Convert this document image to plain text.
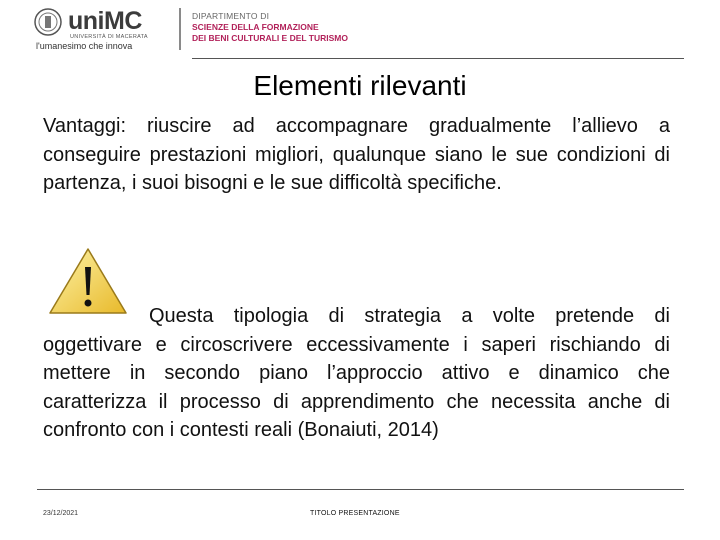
uniMC
UNIVERSITÀ DI MACERATA
l'umanesimo che innova
DIPARTIMENTO DI
SCIENZE DELLA FORMAZIONE
DEI BENI CULTURALI E DEL TURISMO
Elementi rilevanti
Vantaggi: riuscire ad accompagnare gradualmente l’allievo a conseguire prestazioni migliori, qualunque siano le sue condizioni di partenza, i suoi bisogni e le sue difficoltà specifiche.
Questa tipologia di strategia a volte pretende di oggettivare e circoscrivere eccessivamente i saperi rischiando di mettere in secondo piano l’approccio attivo e dinamico che caratterizza il processo di apprendimento che necessita anche di confronto con i contesti reali (Bonaiuti, 2014)
23/12/2021	TITOLO PRESENTAZIONE
